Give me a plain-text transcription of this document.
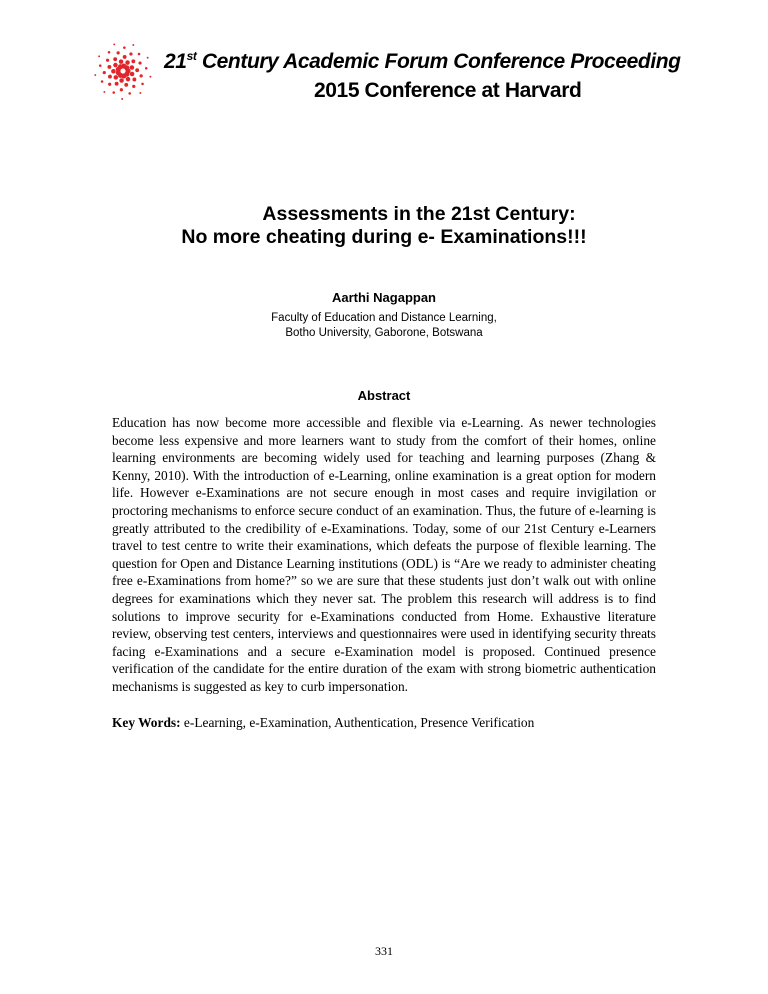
21st Century Academic Forum Conference Proceeding
2015 Conference at Harvard
Assessments in the 21st Century:
No more cheating during e- Examinations!!!
Aarthi Nagappan
Faculty of Education and Distance Learning,
Botho University, Gaborone, Botswana
Abstract
Education has now become more accessible and flexible via e-Learning. As newer technologies become less expensive and more learners want to study from the comfort of their homes, online learning environments are becoming widely used for teaching and learning purposes (Zhang & Kenny, 2010). With the introduction of e-Learning, online examination is a great option for modern life. However e-Examinations are not secure enough in most cases and require invigilation or proctoring mechanisms to enforce secure conduct of an examination. Thus, the future of e-learning is greatly attributed to the credibility of e-Examinations. Today, some of our 21st Century e-Learners travel to test centre to write their examinations, which defeats the purpose of flexible learning. The question for Open and Distance Learning institutions (ODL) is “Are we ready to administer cheating free e-Examinations from home?” so we are sure that these students just don’t walk out with online degrees for examinations which they never sat. The problem this research will address is to find solutions to improve security for e-Examinations conducted from Home. Exhaustive literature review, observing test centers, interviews and questionnaires were used in identifying security threats facing e-Examinations and a secure e-Examination model is proposed. Continued presence verification of the candidate for the entire duration of the exam with strong biometric authentication mechanisms is suggested as key to curb impersonation.
Key Words: e-Learning, e-Examination, Authentication, Presence Verification
331
